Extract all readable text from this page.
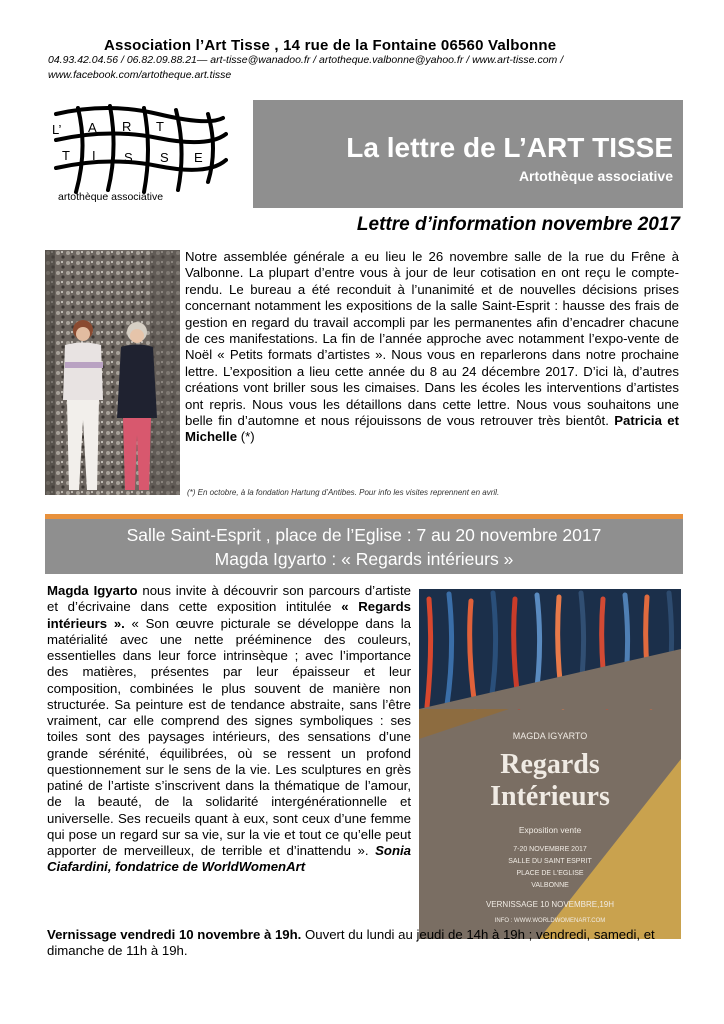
Association l’Art Tisse , 14 rue de la Fontaine 06560 Valbonne
04.93.42.04.56 / 06.82.09.88.21— art-tisse@wanadoo.fr / artotheque.valbonne@yahoo.fr / www.art-tisse.com / www.facebook.com/artotheque.art.tisse
L’ A R T
T I S S E
artothèque associative
La lettre de L’ART TISSE
Artothèque associative
Lettre d’information novembre 2017

Notre assemblée générale a eu lieu le 26 novembre salle de la rue du Frêne à Valbonne. La plupart d’entre vous à jour de leur cotisation en ont reçu le compte-rendu. Le bureau a été reconduit à l’unanimité et de nouvelles décisions prises concernant notamment les expositions de la salle Saint-Esprit : hausse des frais de gestion en regard du travail accompli par les permanentes afin d’encadrer chacune de ces manifestations. La fin de l’année approche avec notamment l’expo-vente de Noël « Petits formats d’artistes ». Nous vous en reparlerons dans notre prochaine lettre. L’exposition a lieu cette année du 8 au 24 décembre 2017. D’ici là, d’autres créations vont briller sous les cimaises. Dans les écoles les interventions d’artistes ont repris. Nous vous les détaillons dans cette lettre. Nous vous souhaitons une belle fin d’automne et nous réjouissons de vous retrouver très bientôt. Patricia et Michelle (*)

(*) En octobre, à la fondation Hartung d’Antibes. Pour info les visites reprennent en avril.
Salle Saint-Esprit , place de l’Eglise : 7 au 20 novembre 2017
Magda Igyarto : « Regards intérieurs »

Magda Igyarto nous invite à découvrir son parcours d’artiste et d’écrivaine dans cette exposition intitulée « Regards intérieurs ». « Son œuvre picturale se développe dans la matérialité avec une nette prééminence des couleurs, essentielles dans leur force intrinsèque ; avec l’importance des matières, présentes par leur épaisseur et leur composition, combinées le plus souvent de manière non structurée. Sa peinture est de tendance abstraite, sans l’être vraiment, car elle comprend des signes symboliques : ses toiles sont des paysages intérieurs, des sensations d’une grande sérénité, équilibrées, où se ressent un profond questionnement sur le sens de la vie. Les sculptures en grès patiné de l’artiste s’inscrivent dans la thématique de l’amour, de la beauté, de la solidarité intergénérationnelle et universelle. Ses recueils quant à eux, sont ceux d’une femme qui pose un regard sur sa vie, sur la vie et tout ce qu’elle peut apporter de merveilleux, de terrible et d’inattendu ». Sonia Ciafardini, fondatrice de WorldWomenArt

MAGDA IGYARTO
Regards
Intérieurs
Exposition vente
7-20 NOVEMBRE 2017
SALLE DU SAINT ESPRIT
PLACE DE L'EGLISE
VALBONNE
VERNISSAGE 10 NOVEMBRE,19H
INFO : WWW.WORLDWOMENART.COM

Vernissage vendredi 10 novembre à 19h. Ouvert du lundi au jeudi de 14h à 19h ; vendredi, samedi, et dimanche de 11h à 19h.
